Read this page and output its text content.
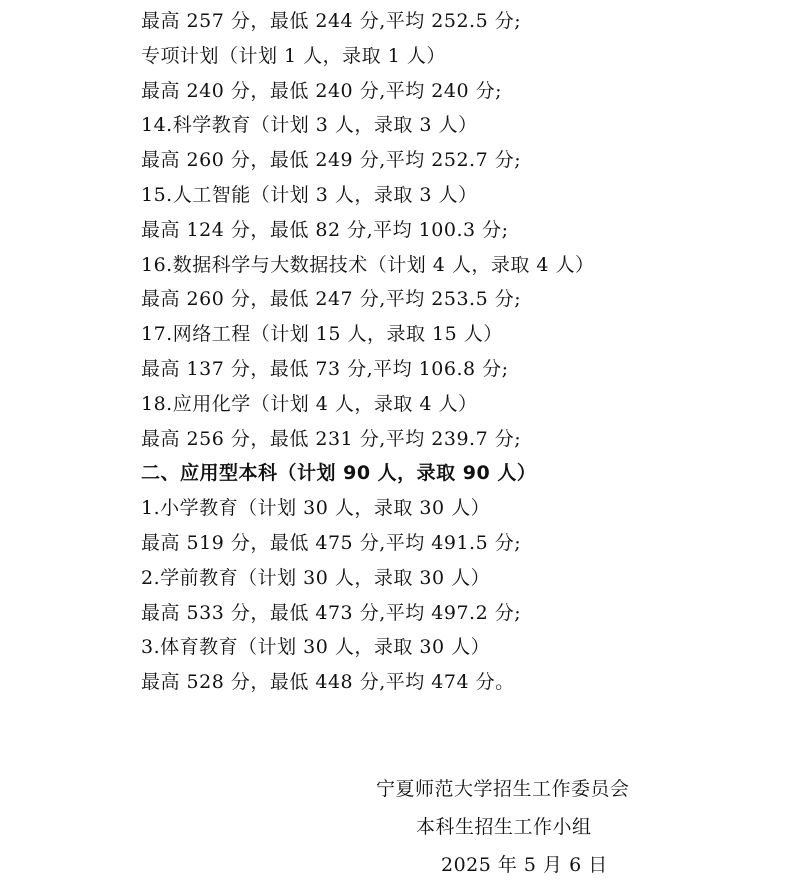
最高 257 分，最低 244 分,平均 252.5 分;
专项计划（计划 1 人，录取 1 人）
最高 240 分，最低 240 分,平均 240 分;
14.科学教育（计划 3 人，录取 3 人）
最高 260 分，最低 249 分,平均 252.7 分;
15.人工智能（计划 3 人，录取 3 人）
最高 124 分，最低 82 分,平均 100.3 分;
16.数据科学与大数据技术（计划 4 人，录取 4 人）
最高 260 分，最低 247 分,平均 253.5 分;
17.网络工程（计划 15 人，录取 15 人）
最高 137 分，最低 73 分,平均 106.8 分;
18.应用化学（计划 4 人，录取 4 人）
最高 256 分，最低 231 分,平均 239.7 分;
二、应用型本科（计划 90 人，录取 90 人）
1.小学教育（计划 30 人，录取 30 人）
最高 519 分，最低 475 分,平均 491.5 分;
2.学前教育（计划 30 人，录取 30 人）
最高 533 分，最低 473 分,平均 497.2 分;
3.体育教育（计划 30 人，录取 30 人）
最高 528 分，最低 448 分,平均 474 分。
宁夏师范大学招生工作委员会
本科生招生工作小组
2025 年 5 月 6 日
